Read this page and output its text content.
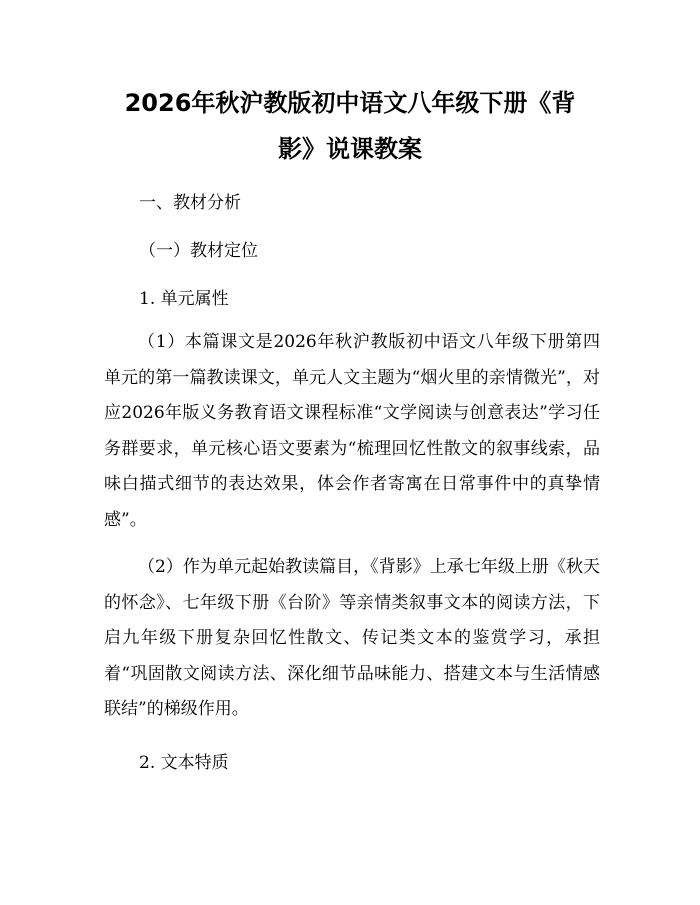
2026年秋沪教版初中语文八年级下册《背
影》说课教案
一、教材分析
（一）教材定位
1. 单元属性

（1）本篇课文是2026年秋沪教版初中语文八年级下册第四单元的第一篇教读课文，单元人文主题为“烟火里的亲情微光”，对应2026年版义务教育语文课程标准“文学阅读与创意表达”学习任务群要求，单元核心语文要素为“梳理回忆性散文的叙事线索，品味白描式细节的表达效果，体会作者寄寓在日常事件中的真挚情感”。

（2）作为单元起始教读篇目，《背影》上承七年级上册《秋天的怀念》、七年级下册《台阶》等亲情类叙事文本的阅读方法，下启九年级下册复杂回忆性散文、传记类文本的鉴赏学习，承担着“巩固散文阅读方法、深化细节品味能力、搭建文本与生活情感联结”的梯级作用。

2. 文本特质
